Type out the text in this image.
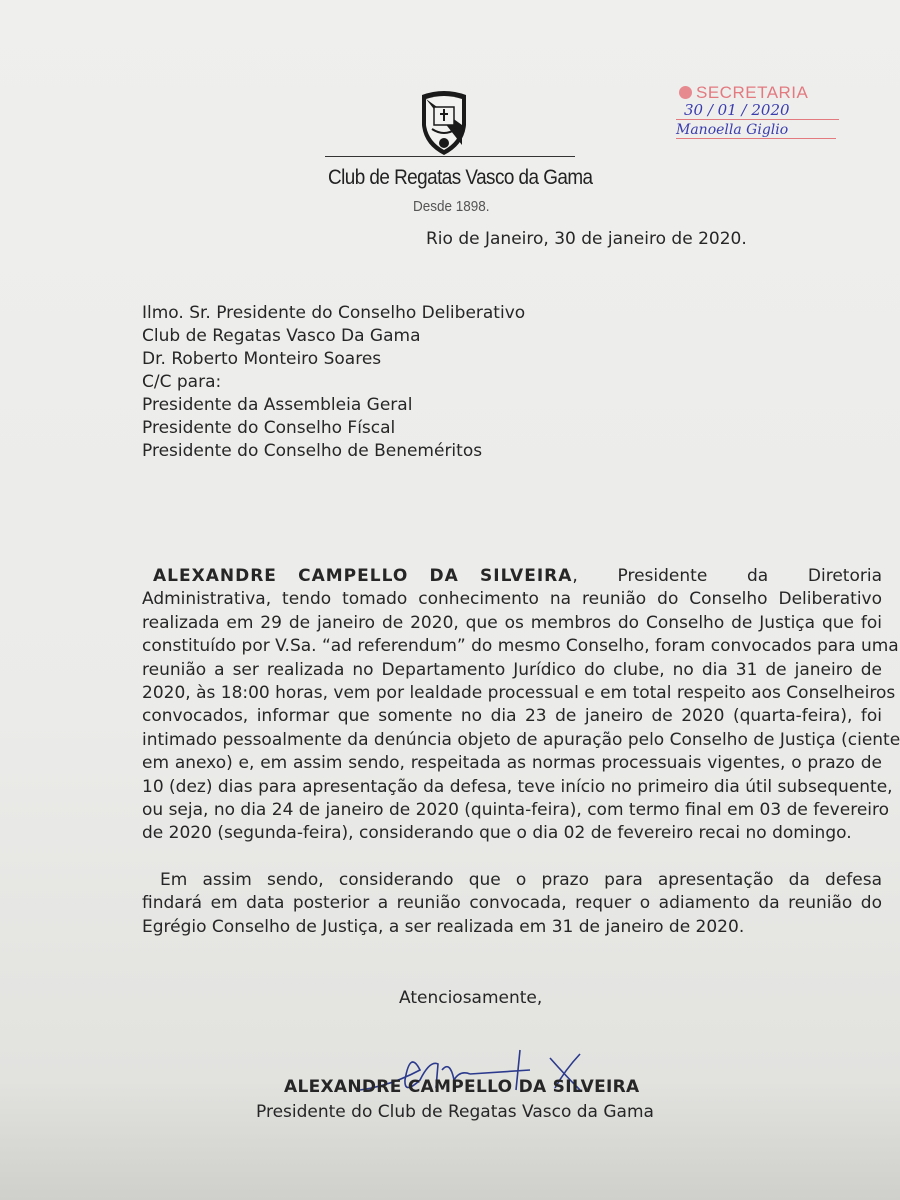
Club de Regatas Vasco da Gama
Desde 1898.
SECRETARIA
30 / 01 / 2020
Manoella Giglio
Rio de Janeiro, 30 de janeiro de 2020.
Ilmo. Sr. Presidente do Conselho Deliberativo
Club de Regatas Vasco Da Gama
Dr. Roberto Monteiro Soares
C/C para:
Presidente da Assembleia Geral
Presidente do Conselho Físcal
Presidente do Conselho de Beneméritos
ALEXANDRE CAMPELLO DA SILVEIRA, Presidente da Diretoria
Administrativa, tendo tomado conhecimento na reunião do Conselho Deliberativo
realizada em 29 de janeiro de 2020, que os membros do Conselho de Justiça que foi
constituído por V.Sa. “ad referendum” do mesmo Conselho, foram convocados para uma
reunião a ser realizada no Departamento Jurídico do clube, no dia 31 de janeiro de
2020, às 18:00 horas, vem por lealdade processual e em total respeito aos Conselheiros
convocados, informar que somente no dia 23 de janeiro de 2020 (quarta-feira), foi
intimado pessoalmente da denúncia objeto de apuração pelo Conselho de Justiça (ciente
em anexo) e, em assim sendo, respeitada as normas processuais vigentes, o prazo de
10 (dez) dias para apresentação da defesa, teve início no primeiro dia útil subsequente,
ou seja, no dia 24 de janeiro de 2020 (quinta-feira), com termo final em 03 de fevereiro
de 2020 (segunda-feira), considerando que o dia 02 de fevereiro recai no domingo.
Em assim sendo, considerando que o prazo para apresentação da defesa
findará em data posterior a reunião convocada, requer o adiamento da reunião do
Egrégio Conselho de Justiça, a ser realizada em 31 de janeiro de 2020.
Atenciosamente,
ALEXANDRE CAMPELLO DA SILVEIRA
Presidente do Club de Regatas Vasco da Gama
